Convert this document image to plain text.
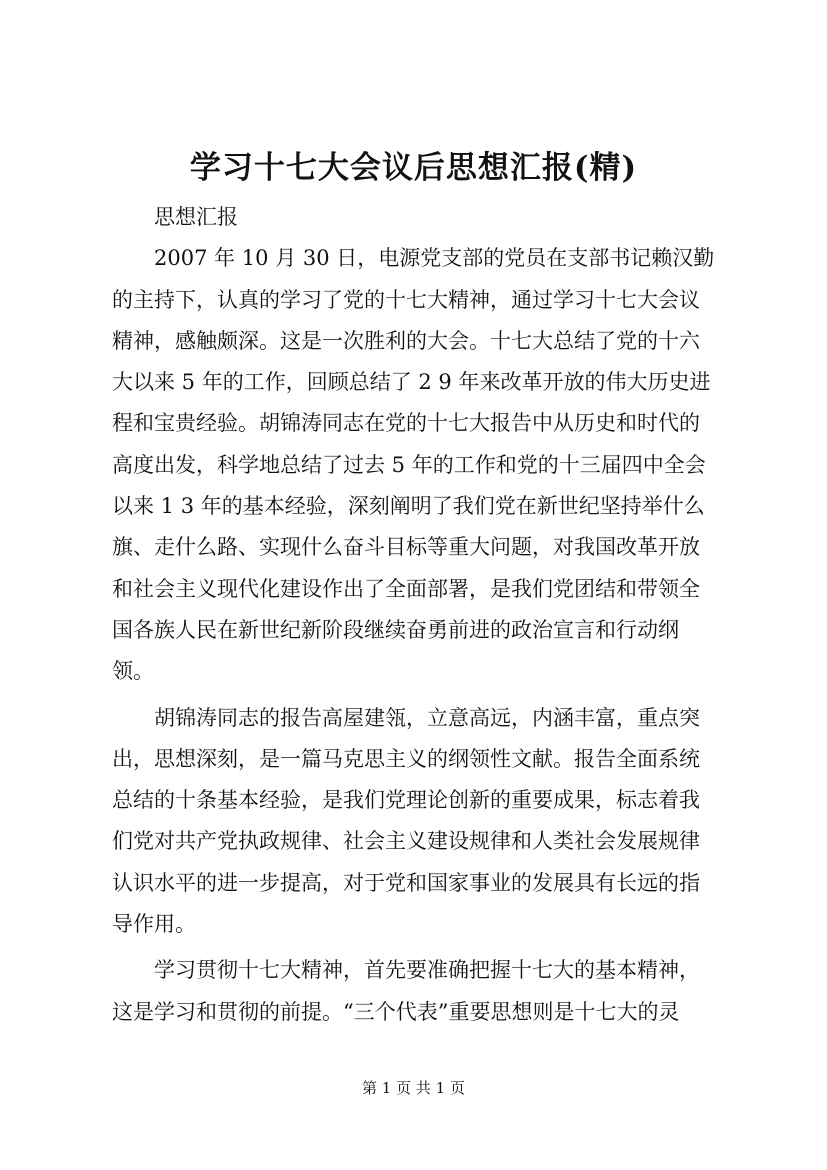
学习十七大会议后思想汇报(精)
思想汇报
2007 年 10 月 30 日，电源党支部的党员在支部书记赖汉勤
的主持下，认真的学习了党的十七大精神，通过学习十七大会议
精神，感触颇深。这是一次胜利的大会。十七大总结了党的十六
大以来 5 年的工作，回顾总结了 2 9 年来改革开放的伟大历史进
程和宝贵经验。胡锦涛同志在党的十七大报告中从历史和时代的
高度出发，科学地总结了过去 5 年的工作和党的十三届四中全会
以来 1 3 年的基本经验，深刻阐明了我们党在新世纪坚持举什么
旗、走什么路、实现什么奋斗目标等重大问题，对我国改革开放
和社会主义现代化建设作出了全面部署，是我们党团结和带领全
国各族人民在新世纪新阶段继续奋勇前进的政治宣言和行动纲
领。
胡锦涛同志的报告高屋建瓴，立意高远，内涵丰富，重点突
出，思想深刻，是一篇马克思主义的纲领性文献。报告全面系统
总结的十条基本经验，是我们党理论创新的重要成果，标志着我
们党对共产党执政规律、社会主义建设规律和人类社会发展规律
认识水平的进一步提高，对于党和国家事业的发展具有长远的指
导作用。
学习贯彻十七大精神，首先要准确把握十七大的基本精神，
这是学习和贯彻的前提。“三个代表”重要思想则是十七大的灵
第 1 页 共 1 页
